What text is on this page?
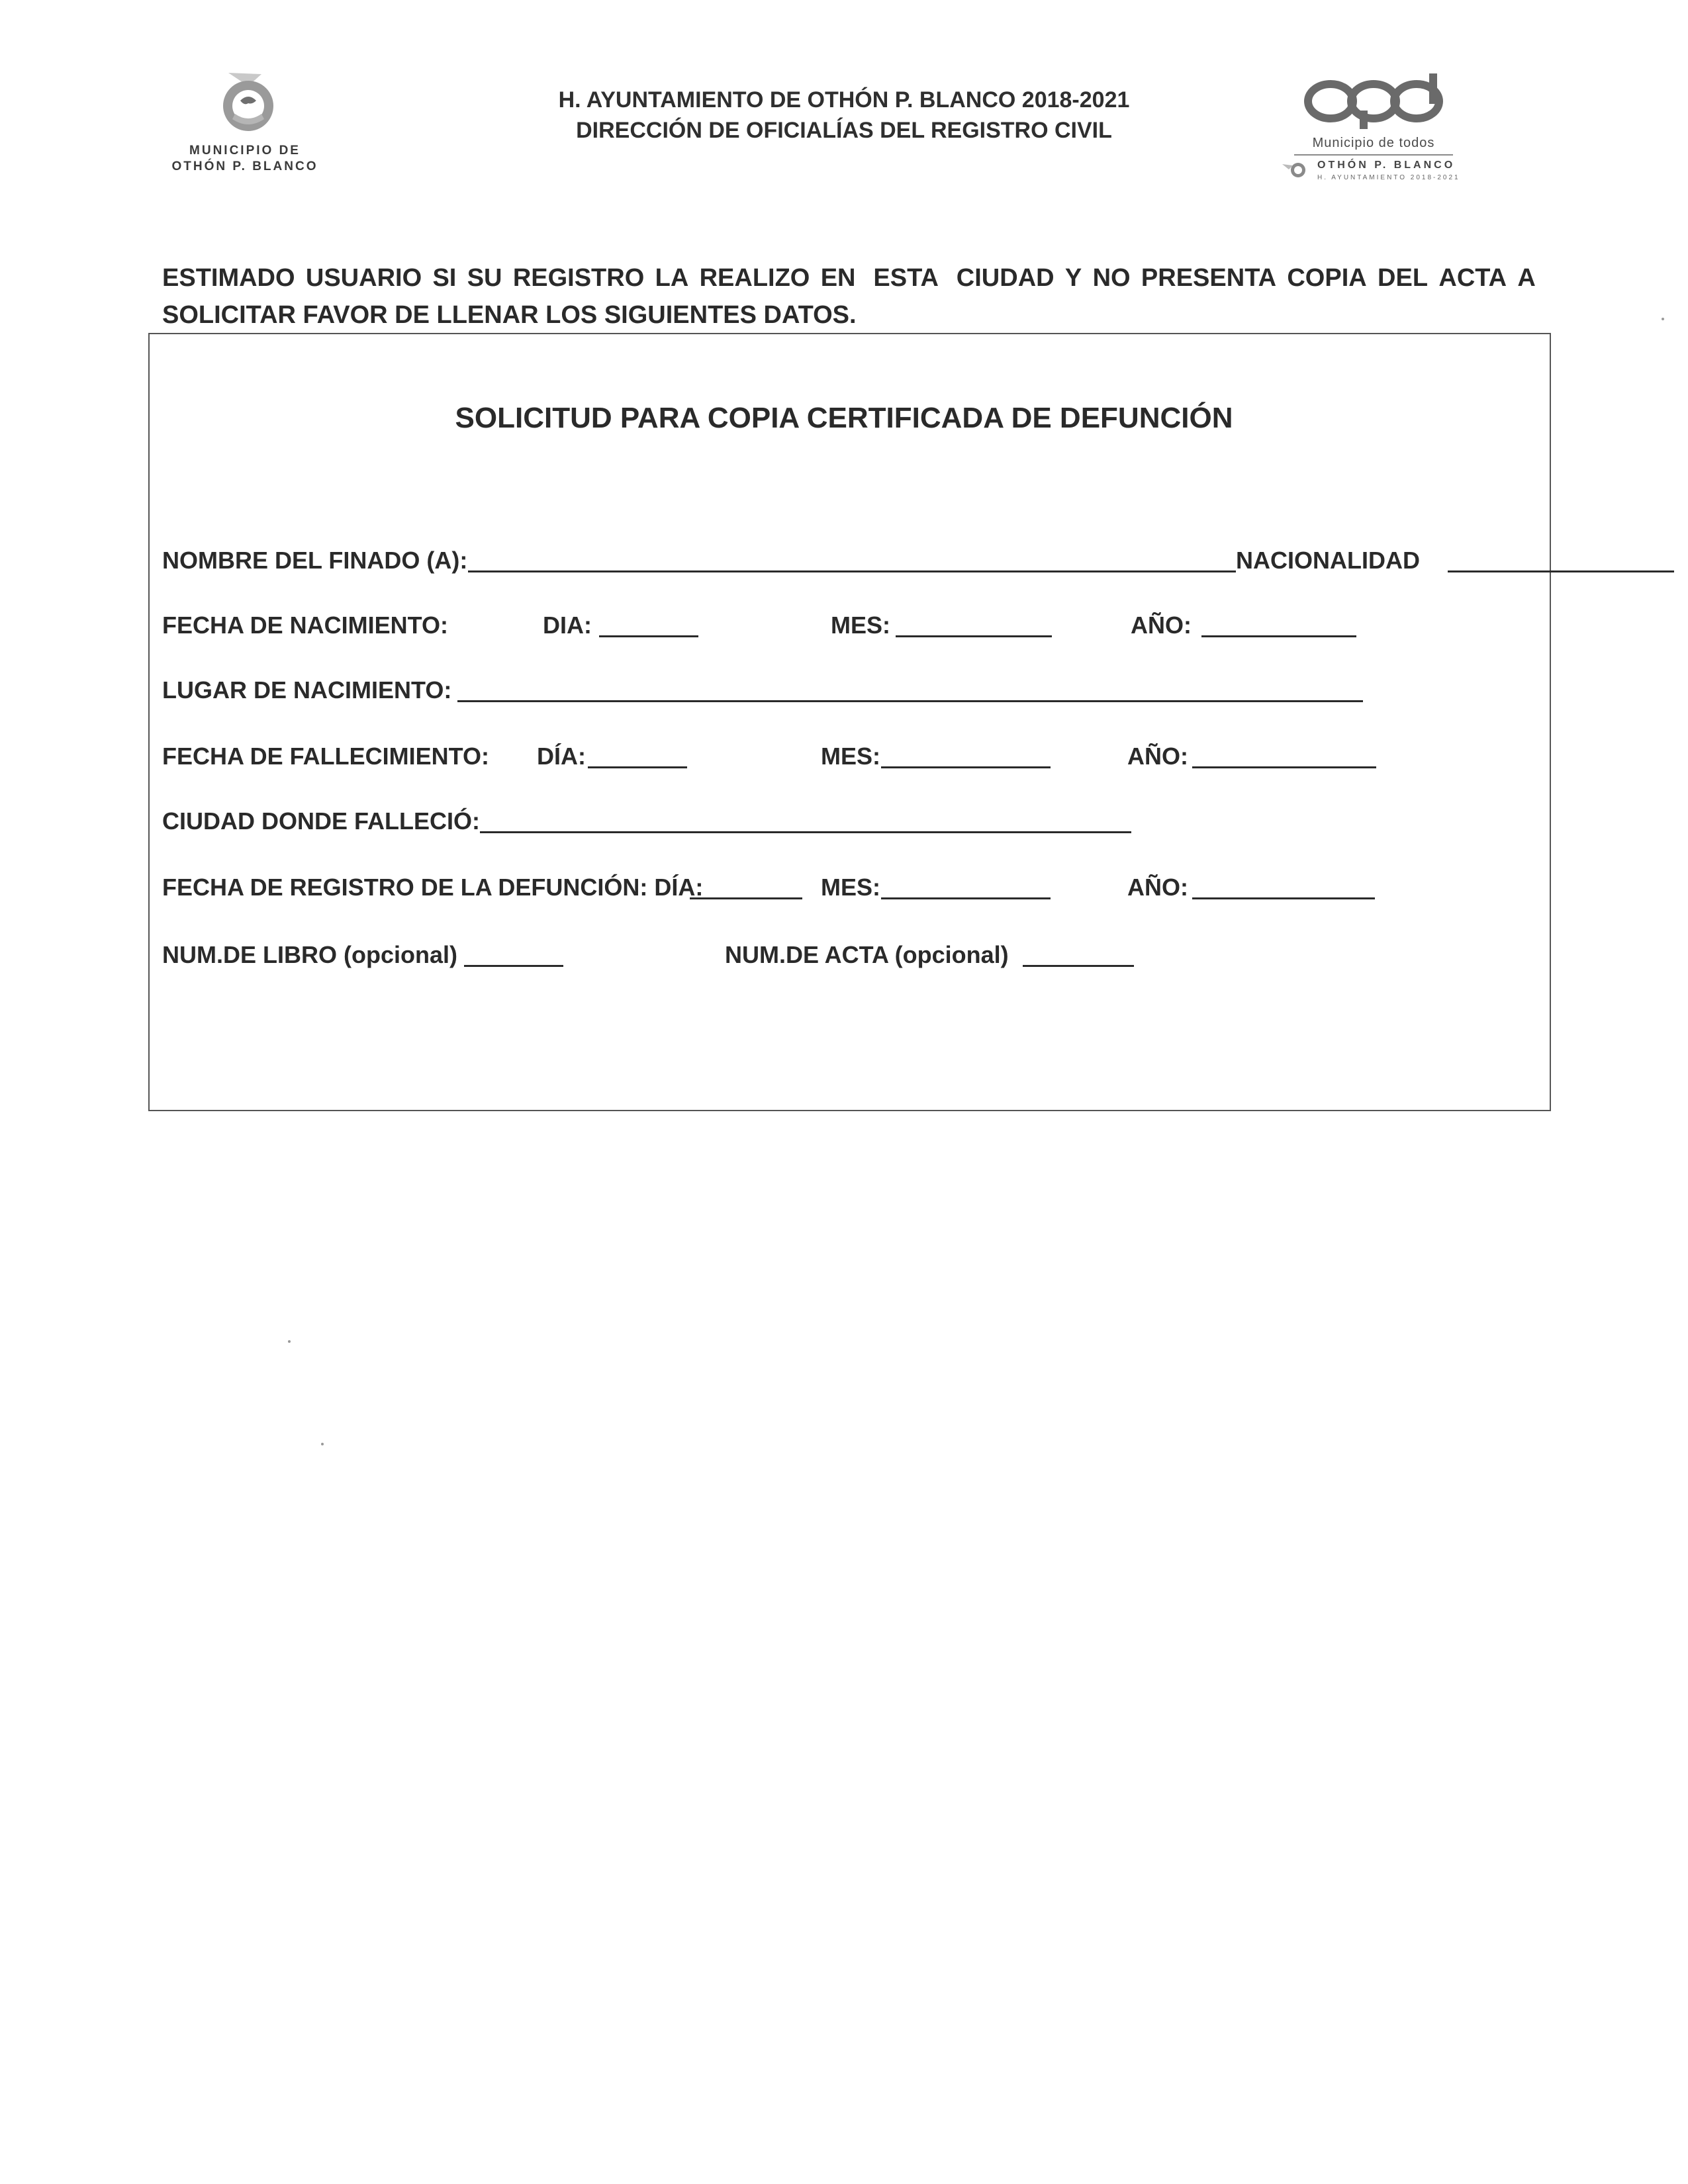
MUNICIPIO DE
OTHÓN P. BLANCO
H. AYUNTAMIENTO DE OTHÓN P. BLANCO 2018-2021
DIRECCIÓN DE OFICIALÍAS DEL REGISTRO CIVIL	Municipio de todos
OTHÓN P. BLANCO
H. AYUNTAMIENTO 2018-2021
ESTIMADO USUARIO SI SU REGISTRO LA REALIZO EN ESTA CIUDAD Y NO PRESENTA COPIA DEL ACTA A
SOLICITAR FAVOR DE LLENAR LOS SIGUIENTES DATOS.
SOLICITUD PARA COPIA CERTIFICADA DE DEFUNCIÓN
NOMBRE DEL FINADO (A):	NACIONALIDAD
FECHA DE NACIMIENTO:	DIA:	MES:	AÑO:
LUGAR DE NACIMIENTO:
FECHA DE FALLECIMIENTO: DÍA:	MES:	AÑO:
CIUDAD DONDE FALLECIÓ:
FECHA DE REGISTRO DE LA DEFUNCIÓN: DÍA:	MES:	AÑO:
NUM.DE LIBRO (opcional)	NUM.DE ACTA (opcional)
